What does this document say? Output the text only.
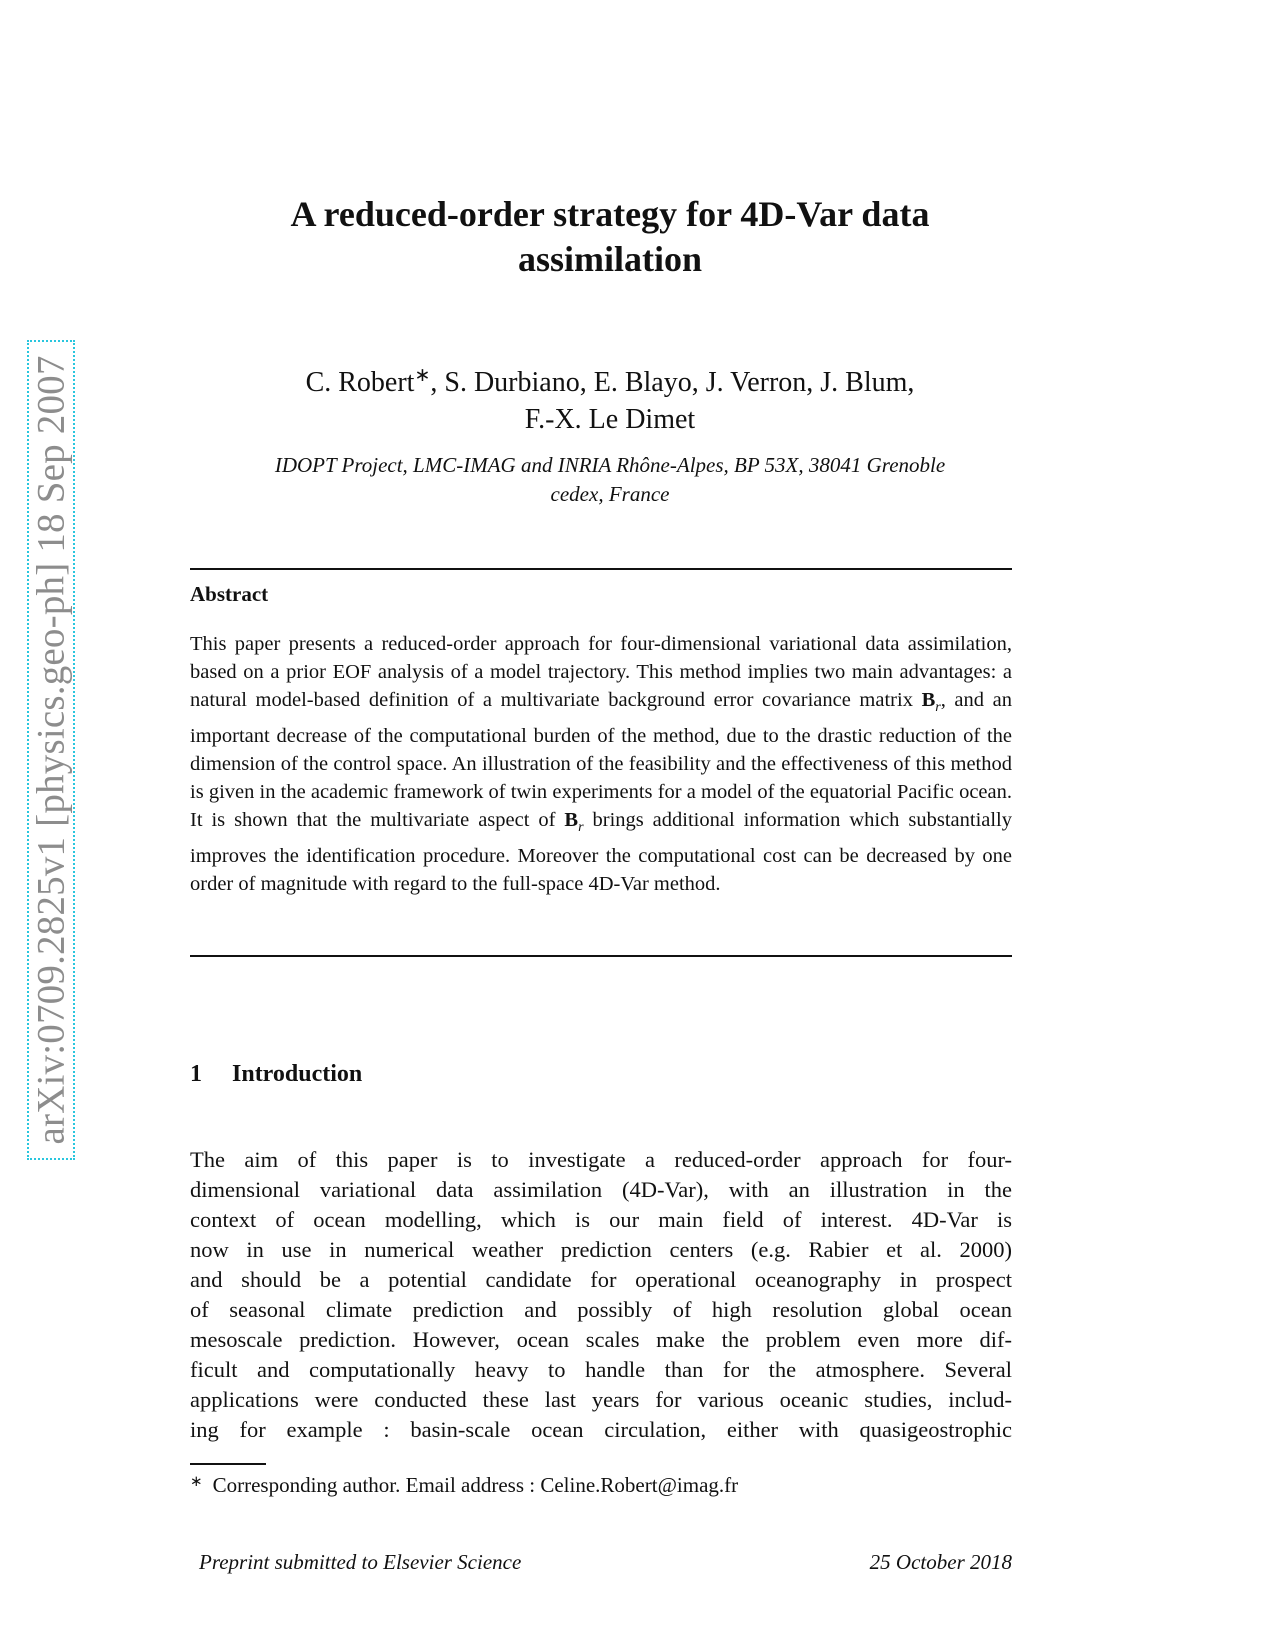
arXiv:0709.2825v1 [physics.geo-ph] 18 Sep 2007
A reduced-order strategy for 4D-Var data
assimilation
C. Robert∗, S. Durbiano, E. Blayo, J. Verron, J. Blum,
F.-X. Le Dimet
IDOPT Project, LMC-IMAG and INRIA Rhône-Alpes, BP 53X, 38041 Grenoble
cedex, France
Abstract
This paper presents a reduced-order approach for four-dimensional variational data assimilation, based on a prior EOF analysis of a model trajectory. This method implies two main advantages: a natural model-based definition of a multivariate background error covariance matrix $B_r$, and an important decrease of the computational burden of the method, due to the drastic reduction of the dimension of the control space. An illustration of the feasibility and the effectiveness of this method is given in the academic framework of twin experiments for a model of the equatorial Pacific ocean. It is shown that the multivariate aspect of $B_r$ brings additional information which substantially improves the identification procedure. Moreover the computational cost can be decreased by one order of magnitude with regard to the full-space 4D-Var method.
1 Introduction
The aim of this paper is to investigate a reduced-order approach for four-
dimensional variational data assimilation (4D-Var), with an illustration in the
context of ocean modelling, which is our main field of interest. 4D-Var is
now in use in numerical weather prediction centers (e.g. Rabier et al. 2000)
and should be a potential candidate for operational oceanography in prospect
of seasonal climate prediction and possibly of high resolution global ocean
mesoscale prediction. However, ocean scales make the problem even more dif-
ficult and computationally heavy to handle than for the atmosphere. Several
applications were conducted these last years for various oceanic studies, includ-
ing for example : basin-scale ocean circulation, either with quasigeostrophic
∗ Corresponding author. Email address : Celine.Robert@imag.fr
Preprint submitted to Elsevier Science	25 October 2018
